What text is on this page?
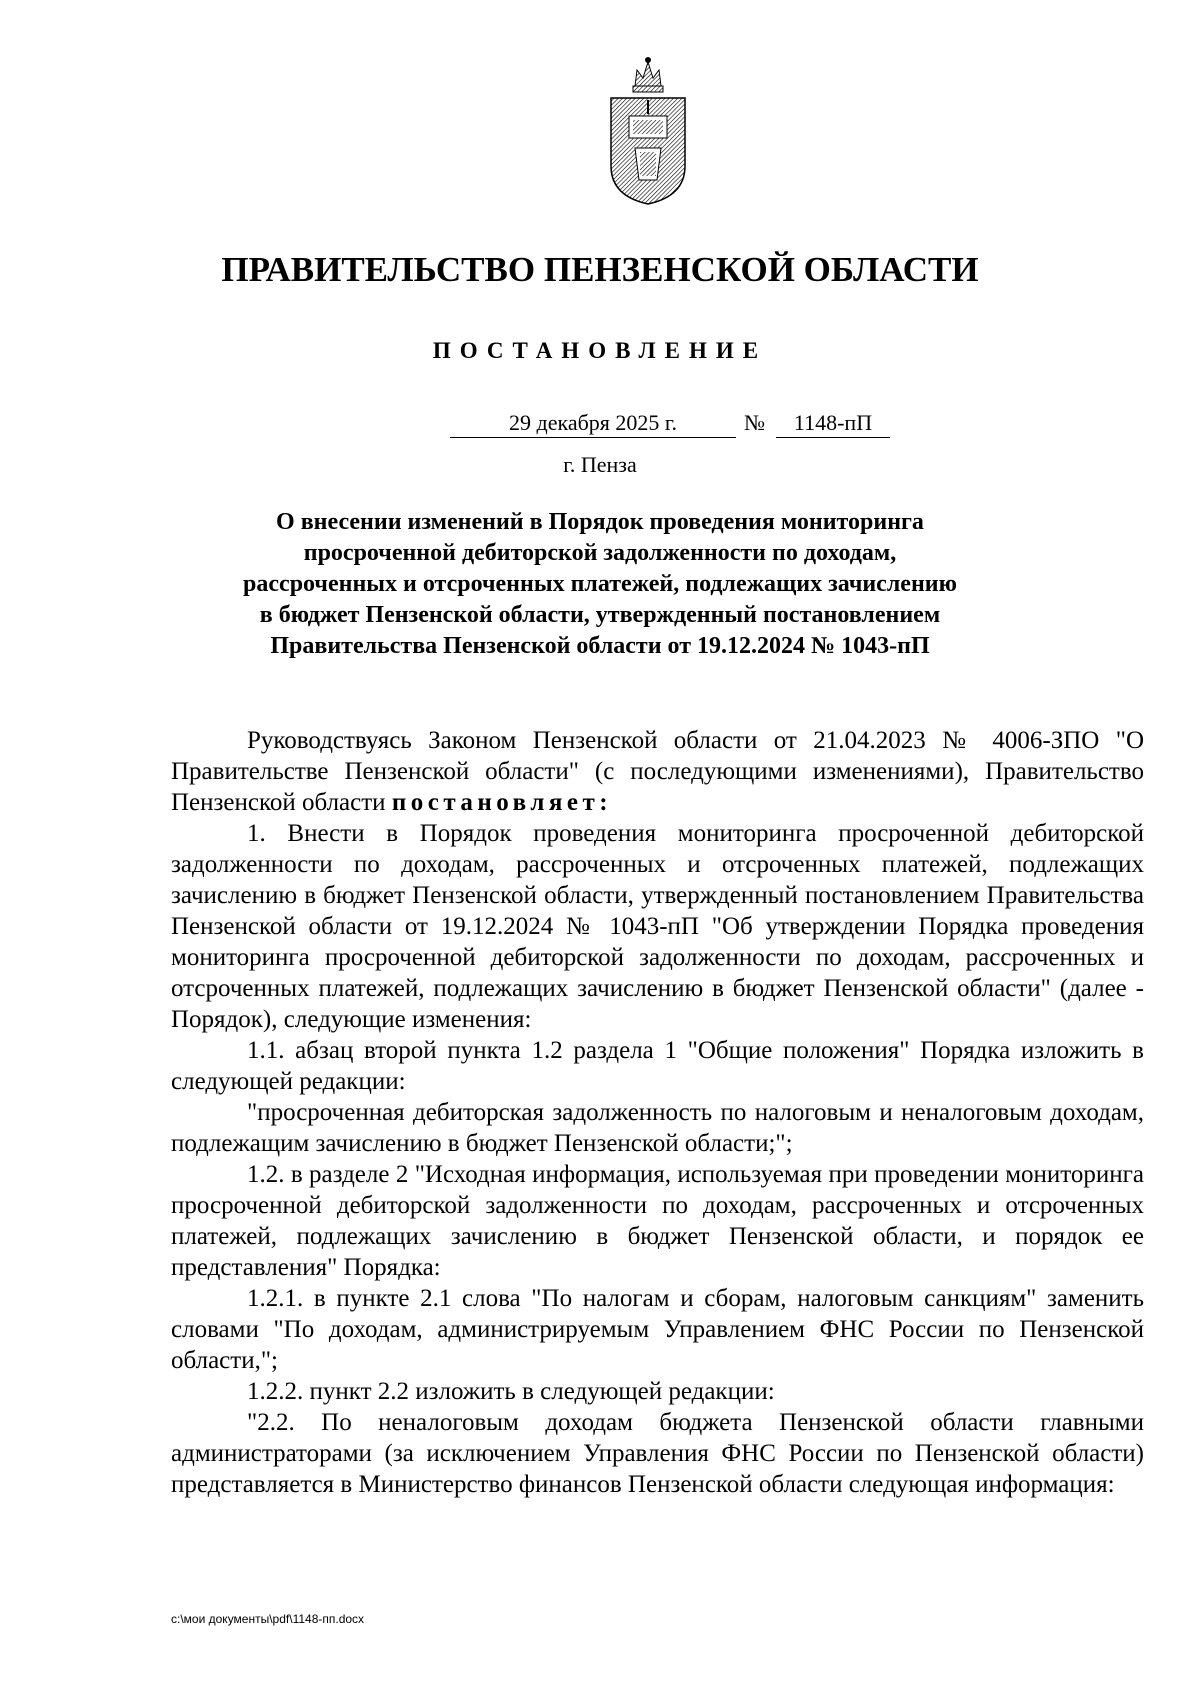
ПРАВИТЕЛЬСТВО ПЕНЗЕНСКОЙ ОБЛАСТИ
ПОСТАНОВЛЕНИЕ
29 декабря 2025 г.	№	1148-пП
г. Пенза
О внесении изменений в Порядок проведения мониторинга
просроченной дебиторской задолженности по доходам,
рассроченных и отсроченных платежей, подлежащих зачислению
в бюджет Пензенской области, утвержденный постановлением
Правительства Пензенской области от 19.12.2024 № 1043-пП

Руководствуясь Законом Пензенской области от 21.04.2023 № 4006-ЗПО "О Правительстве Пензенской области" (с последующими изменениями), Правительство Пензенской области постановляет:

1. Внести в Порядок проведения мониторинга просроченной дебиторской задолженности по доходам, рассроченных и отсроченных платежей, подлежащих зачислению в бюджет Пензенской области, утвержденный постановлением Правительства Пензенской области от 19.12.2024 № 1043-пП "Об утверждении Порядка проведения мониторинга просроченной дебиторской задолженности по доходам, рассроченных и отсроченных платежей, подлежащих зачислению в бюджет Пензенской области" (далее - Порядок), следующие изменения:

1.1. абзац второй пункта 1.2 раздела 1 "Общие положения" Порядка изложить в следующей редакции:

"просроченная дебиторская задолженность по налоговым и неналоговым доходам, подлежащим зачислению в бюджет Пензенской области;";

1.2. в разделе 2 "Исходная информация, используемая при проведении мониторинга просроченной дебиторской задолженности по доходам, рассроченных и отсроченных платежей, подлежащих зачислению в бюджет Пензенской области, и порядок ее представления" Порядка:

1.2.1. в пункте 2.1 слова "По налогам и сборам, налоговым санкциям" заменить словами "По доходам, администрируемым Управлением ФНС России по Пензенской области,";

1.2.2. пункт 2.2 изложить в следующей редакции:

"2.2. По неналоговым доходам бюджета Пензенской области главными администраторами (за исключением Управления ФНС России по Пензенской области) представляется в Министерство финансов Пензенской области следующая информация:

c:\мои документы\pdf\1148-пп.docx
